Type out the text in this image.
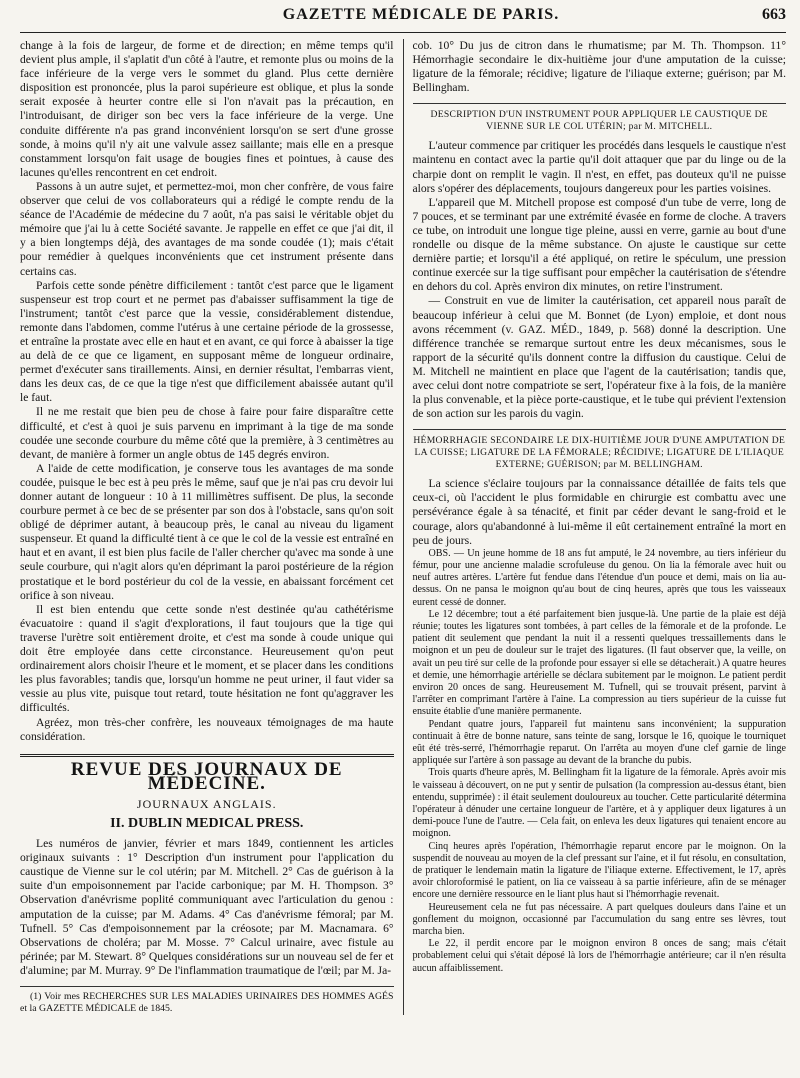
GAZETTE MÉDICALE DE PARIS.	663

change à la fois de largeur, de forme et de direction; en même temps qu'il devient plus ample, il s'aplatit d'un côté à l'autre, et remonte plus ou moins de la face inférieure de la verge vers le sommet du gland. Plus cette dernière disposition est prononcée, plus la paroi supérieure est oblique, et plus la sonde serait exposée à heurter contre elle si l'on n'avait pas la précaution, en l'introduisant, de diriger son bec vers la face inférieure de la verge. Une conduite différente n'a pas grand inconvénient lorsqu'on se sert d'une grosse sonde, à moins qu'il n'y ait une valvule assez saillante; mais elle en a presque constamment lorsqu'on fait usage de bougies fines et pointues, à cause des lacunes qu'elles rencontrent en cet endroit.

Passons à un autre sujet, et permettez-moi, mon cher confrère, de vous faire observer que celui de vos collaborateurs qui a rédigé le compte rendu de la séance de l'Académie de médecine du 7 août, n'a pas saisi le véritable objet du mémoire que j'ai lu à cette Société savante. Je rappelle en effet ce que j'ai dit, il y a bien longtemps déjà, des avantages de ma sonde coudée (1); mais c'était pour remédier à quelques inconvénients que cet instrument présente dans certains cas.

Parfois cette sonde pénètre difficilement : tantôt c'est parce que le ligament suspenseur est trop court et ne permet pas d'abaisser suffisamment la tige de l'instrument; tantôt c'est parce que la vessie, considérablement distendue, remonte dans l'abdomen, comme l'utérus à une certaine période de la grossesse, et entraîne la prostate avec elle en haut et en avant, ce qui force à abaisser la tige au delà de ce que ce ligament, en supposant même de longueur ordinaire, permet d'exécuter sans tiraillements. Ainsi, en dernier résultat, l'embarras vient, dans les deux cas, de ce que la tige n'est que difficilement abaissée autant qu'il le faut.

Il ne me restait que bien peu de chose à faire pour faire disparaître cette difficulté, et c'est à quoi je suis parvenu en imprimant à la tige de ma sonde coudée une seconde courbure du même côté que la première, à 3 centimètres au devant, de manière à former un angle obtus de 145 degrés environ.

A l'aide de cette modification, je conserve tous les avantages de ma sonde coudée, puisque le bec est à peu près le même, sauf que je n'ai pas cru devoir lui donner autant de longueur : 10 à 11 millimètres suffisent. De plus, la seconde courbure permet à ce bec de se présenter par son dos à l'obstacle, sans qu'on soit obligé de déprimer autant, à beaucoup près, le canal au niveau du ligament suspenseur. Et quand la difficulté tient à ce que le col de la vessie est entraîné en haut et en avant, il est bien plus facile de l'aller chercher qu'avec ma sonde à une seule courbure, qui n'agit alors qu'en déprimant la paroi postérieure de la région prostatique et le bord postérieur du col de la vessie, en abaissant forcément cet orifice à son niveau.

Il est bien entendu que cette sonde n'est destinée qu'au cathétérisme évacuatoire : quand il s'agit d'explorations, il faut toujours que la tige qui traverse l'urètre soit entièrement droite, et c'est ma sonde à coude unique qui doit être employée dans cette circonstance. Heureusement qu'on peut ordinairement alors choisir l'heure et le moment, et se placer dans les conditions les plus favorables; tandis que, lorsqu'un homme ne peut uriner, il faut vider sa vessie au plus vite, puisque tout retard, toute hésitation ne font qu'aggraver les difficultés.

Agréez, mon très-cher confrère, les nouveaux témoignages de ma haute considération.

REVUE DES JOURNAUX DE MÉDECINE.
JOURNAUX ANGLAIS.
II. DUBLIN MEDICAL PRESS.

Les numéros de janvier, février et mars 1849, contiennent les articles originaux suivants : 1° Description d'un instrument pour l'application du caustique de Vienne sur le col utérin; par M. Mitchell. 2° Cas de guérison à la suite d'un empoisonnement par l'acide carbonique; par M. H. Thompson. 3° Observation d'anévrisme poplité communiquant avec l'articulation du genou : amputation de la cuisse; par M. Adams. 4° Cas d'anévrisme fémoral; par M. Tufnell. 5° Cas d'empoisonnement par la créosote; par M. Macnamara. 6° Observations de choléra; par M. Mosse. 7° Calcul urinaire, avec fistule au périnée; par M. Stewart. 8° Quelques considérations sur un nouveau sel de fer et d'alumine; par M. Murray. 9° De l'inflammation traumatique de l'œil; par M. Ja-

(1) Voir mes RECHERCHES SUR LES MALADIES URINAIRES DES HOMMES AGÉS et la GAZETTE MÉDICALE de 1845.

cob. 10° Du jus de citron dans le rhumatisme; par M. Th. Thompson. 11° Hémorrhagie secondaire le dix-huitième jour d'une amputation de la cuisse; ligature de la fémorale; récidive; ligature de l'iliaque externe; guérison; par M. Bellingham.

DESCRIPTION D'UN INSTRUMENT POUR APPLIQUER LE CAUSTIQUE DE VIENNE SUR LE COL UTÉRIN; par M. MITCHELL.

L'auteur commence par critiquer les procédés dans lesquels le caustique n'est maintenu en contact avec la partie qu'il doit attaquer que par du linge ou de la charpie dont on remplit le vagin. Il n'est, en effet, pas douteux qu'il ne puisse alors s'opérer des déplacements, toujours dangereux pour les parties voisines.

L'appareil que M. Mitchell propose est composé d'un tube de verre, long de 7 pouces, et se terminant par une extrémité évasée en forme de cloche. A travers ce tube, on introduit une longue tige pleine, aussi en verre, garnie au bout d'une rondelle ou disque de la même substance. On ajuste le caustique sur cette dernière partie; et lorsqu'il a été appliqué, on retire le spéculum, une pression continue exercée sur la tige suffisant pour empêcher la cautérisation de s'étendre en dehors du col. Après environ dix minutes, on retire l'instrument.

— Construit en vue de limiter la cautérisation, cet appareil nous paraît de beaucoup inférieur à celui que M. Bonnet (de Lyon) emploie, et dont nous avons récemment (v. GAZ. MÉD., 1849, p. 568) donné la description. Une différence tranchée se remarque surtout entre les deux mécanismes, sous le rapport de la sécurité qu'ils donnent contre la diffusion du caustique. Celui de M. Mitchell ne maintient en place que l'agent de la cautérisation; tandis que, avec celui dont notre compatriote se sert, l'opérateur fixe à la fois, de la manière la plus convenable, et la pièce porte-caustique, et le tube qui prévient l'extension de son action sur les parois du vagin.

HÉMORRHAGIE SECONDAIRE LE DIX-HUITIÈME JOUR D'UNE AMPUTATION DE LA CUISSE; LIGATURE DE LA FÉMORALE; RÉCIDIVE; LIGATURE DE L'ILIAQUE EXTERNE; GUÉRISON; par M. BELLINGHAM.

La science s'éclaire toujours par la connaissance détaillée de faits tels que ceux-ci, où l'accident le plus formidable en chirurgie est combattu avec une persévérance égale à sa ténacité, et finit par céder devant le sang-froid et le courage, alors qu'abandonné à lui-même il eût certainement entraîné la mort en peu de jours.

OBS. — Un jeune homme de 18 ans fut amputé, le 24 novembre, au tiers inférieur du fémur, pour une ancienne maladie scrofuleuse du genou. On lia la fémorale avec huit ou neuf autres artères. L'artère fut fendue dans l'étendue d'un pouce et demi, mais on lia au-dessus. On ne pansa le moignon qu'au bout de cinq heures, après que tous les vaisseaux eurent cessé de donner.

Le 12 décembre; tout a été parfaitement bien jusque-là. Une partie de la plaie est déjà réunie; toutes les ligatures sont tombées, à part celles de la fémorale et de la profonde. Le patient dit seulement que pendant la nuit il a ressenti quelques tressaillements dans le moignon et un peu de douleur sur le trajet des ligatures. (Il faut observer que, la veille, on avait un peu tiré sur celle de la profonde pour essayer si elle se détacherait.) A quatre heures et demie, une hémorrhagie artérielle se déclara subitement par le moignon. Le patient perdit environ 20 onces de sang. Heureusement M. Tufnell, qui se trouvait présent, parvint à l'arrêter en comprimant l'artère à l'aine. La compression au tiers supérieur de la cuisse fut ensuite établie d'une manière permanente.

Pendant quatre jours, l'appareil fut maintenu sans inconvénient; la suppuration continuait à être de bonne nature, sans teinte de sang, lorsque le 16, quoique le tourniquet eût été très-serré, l'hémorrhagie reparut. On l'arrêta au moyen d'une clef garnie de linge appliquée sur l'artère à son passage au devant de la branche du pubis.

Trois quarts d'heure après, M. Bellingham fit la ligature de la fémorale. Après avoir mis le vaisseau à découvert, on ne put y sentir de pulsation (la compression au-dessus étant, bien entendu, supprimée) : il était seulement douloureux au toucher. Cette particularité détermina l'opérateur à dénuder une certaine longueur de l'artère, et à y appliquer deux ligatures à un demi-pouce l'une de l'autre. — Cela fait, on enleva les deux ligatures qui tenaient encore au moignon.

Cinq heures après l'opération, l'hémorrhagie reparut encore par le moignon. On la suspendit de nouveau au moyen de la clef pressant sur l'aine, et il fut résolu, en consultation, de pratiquer le lendemain matin la ligature de l'iliaque externe. Effectivement, le 17, après avoir chloroformisé le patient, on lia ce vaisseau à sa partie inférieure, afin de se ménager encore une dernière ressource en le liant plus haut si l'hémorrhagie revenait.

Heureusement cela ne fut pas nécessaire. A part quelques douleurs dans l'aine et un gonflement du moignon, occasionné par l'accumulation du sang entre ses lèvres, tout marcha bien.

Le 22, il perdit encore par le moignon environ 8 onces de sang; mais c'était probablement celui qui s'était déposé là lors de l'hémorrhagie antérieure; car il n'en résulta aucun affaiblissement.
